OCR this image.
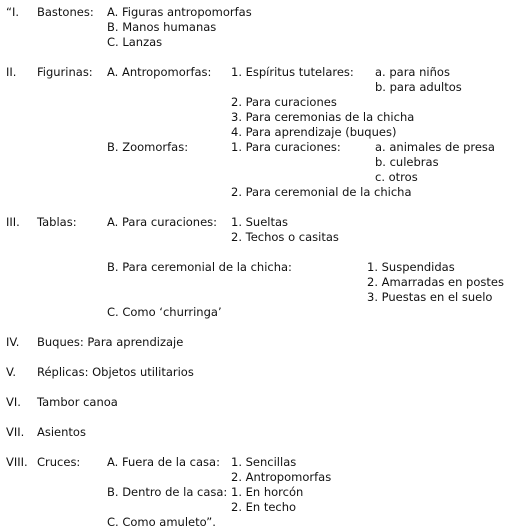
“I. Bastones: A. Figuras antropomorfas
B. Manos humanas
C. Lanzas
II. Figurinas: A. Antropomorfas: 1. Espíritus tutelares: a. para niños
b. para adultos
2. Para curaciones
3. Para ceremonias de la chicha
4. Para aprendizaje (buques)
B. Zoomorfas:	1. Para curaciones:	a. animales de presa
b. culebras
c. otros
2. Para ceremonial de la chicha
III. Tablas:	A. Para curaciones: 1. Sueltas
2. Techos o casitas
B. Para ceremonial de la chicha:	1. Suspendidas
2. Amarradas en postes
3. Puestas en el suelo
C. Como ‘churringa’
IV. Buques: Para aprendizaje
V. Réplicas: Objetos utilitarios
VI. Tambor canoa
VII. Asientos
VIII. Cruces: A. Fuera de la casa: 1. Sencillas
2. Antropomorfas
B. Dentro de la casa: 1. En horcón
2. En techo
C. Como amuleto”.
